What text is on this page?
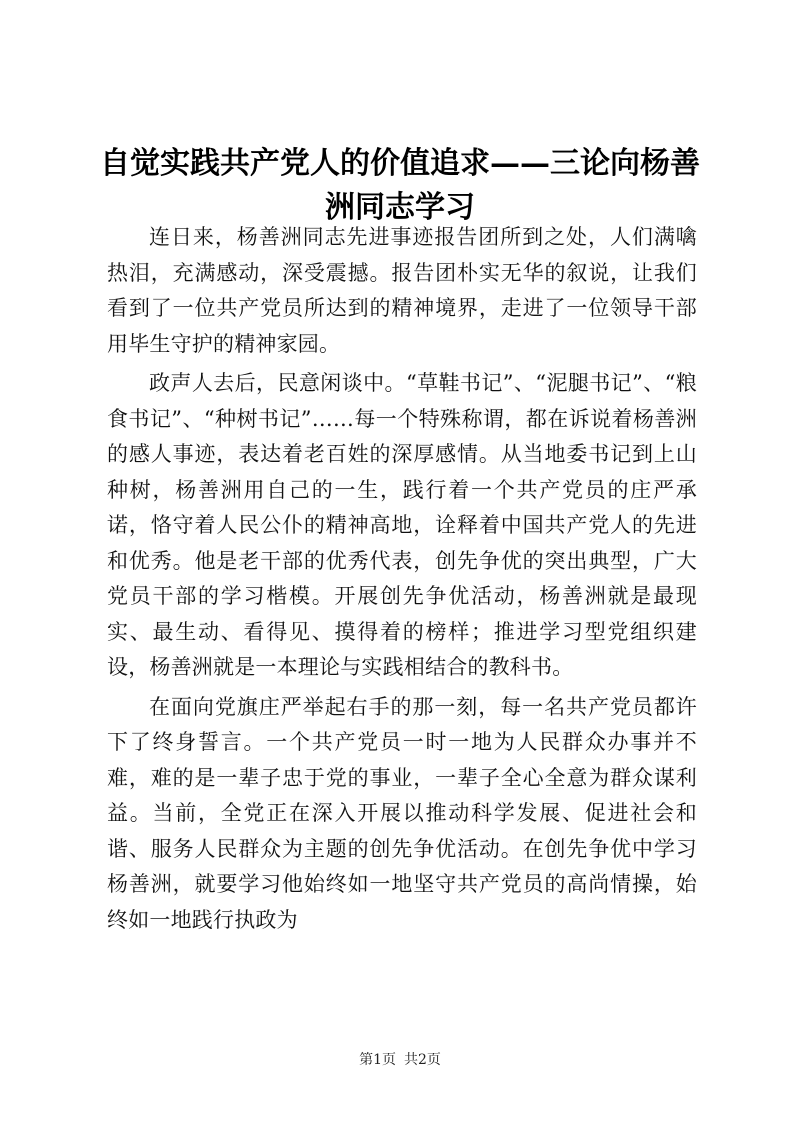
自觉实践共产党人的价值追求——三论向杨善洲同志学习

连日来，杨善洲同志先进事迹报告团所到之处，人们满噙热泪，充满感动，深受震撼。报告团朴实无华的叙说，让我们看到了一位共产党员所达到的精神境界，走进了一位领导干部用毕生守护的精神家园。

政声人去后，民意闲谈中。“草鞋书记”、“泥腿书记”、“粮食书记”、“种树书记”……每一个特殊称谓，都在诉说着杨善洲的感人事迹，表达着老百姓的深厚感情。从当地委书记到上山种树，杨善洲用自己的一生，践行着一个共产党员的庄严承诺，恪守着人民公仆的精神高地，诠释着中国共产党人的先进和优秀。他是老干部的优秀代表，创先争优的突出典型，广大党员干部的学习楷模。开展创先争优活动，杨善洲就是最现实、最生动、看得见、摸得着的榜样；推进学习型党组织建设，杨善洲就是一本理论与实践相结合的教科书。

在面向党旗庄严举起右手的那一刻，每一名共产党员都许下了终身誓言。一个共产党员一时一地为人民群众办事并不难，难的是一辈子忠于党的事业，一辈子全心全意为群众谋利益。当前，全党正在深入开展以推动科学发展、促进社会和谐、服务人民群众为主题的创先争优活动。在创先争优中学习杨善洲，就要学习他始终如一地坚守共产党员的高尚情操，始终如一地践行执政为

第1页 共2页
